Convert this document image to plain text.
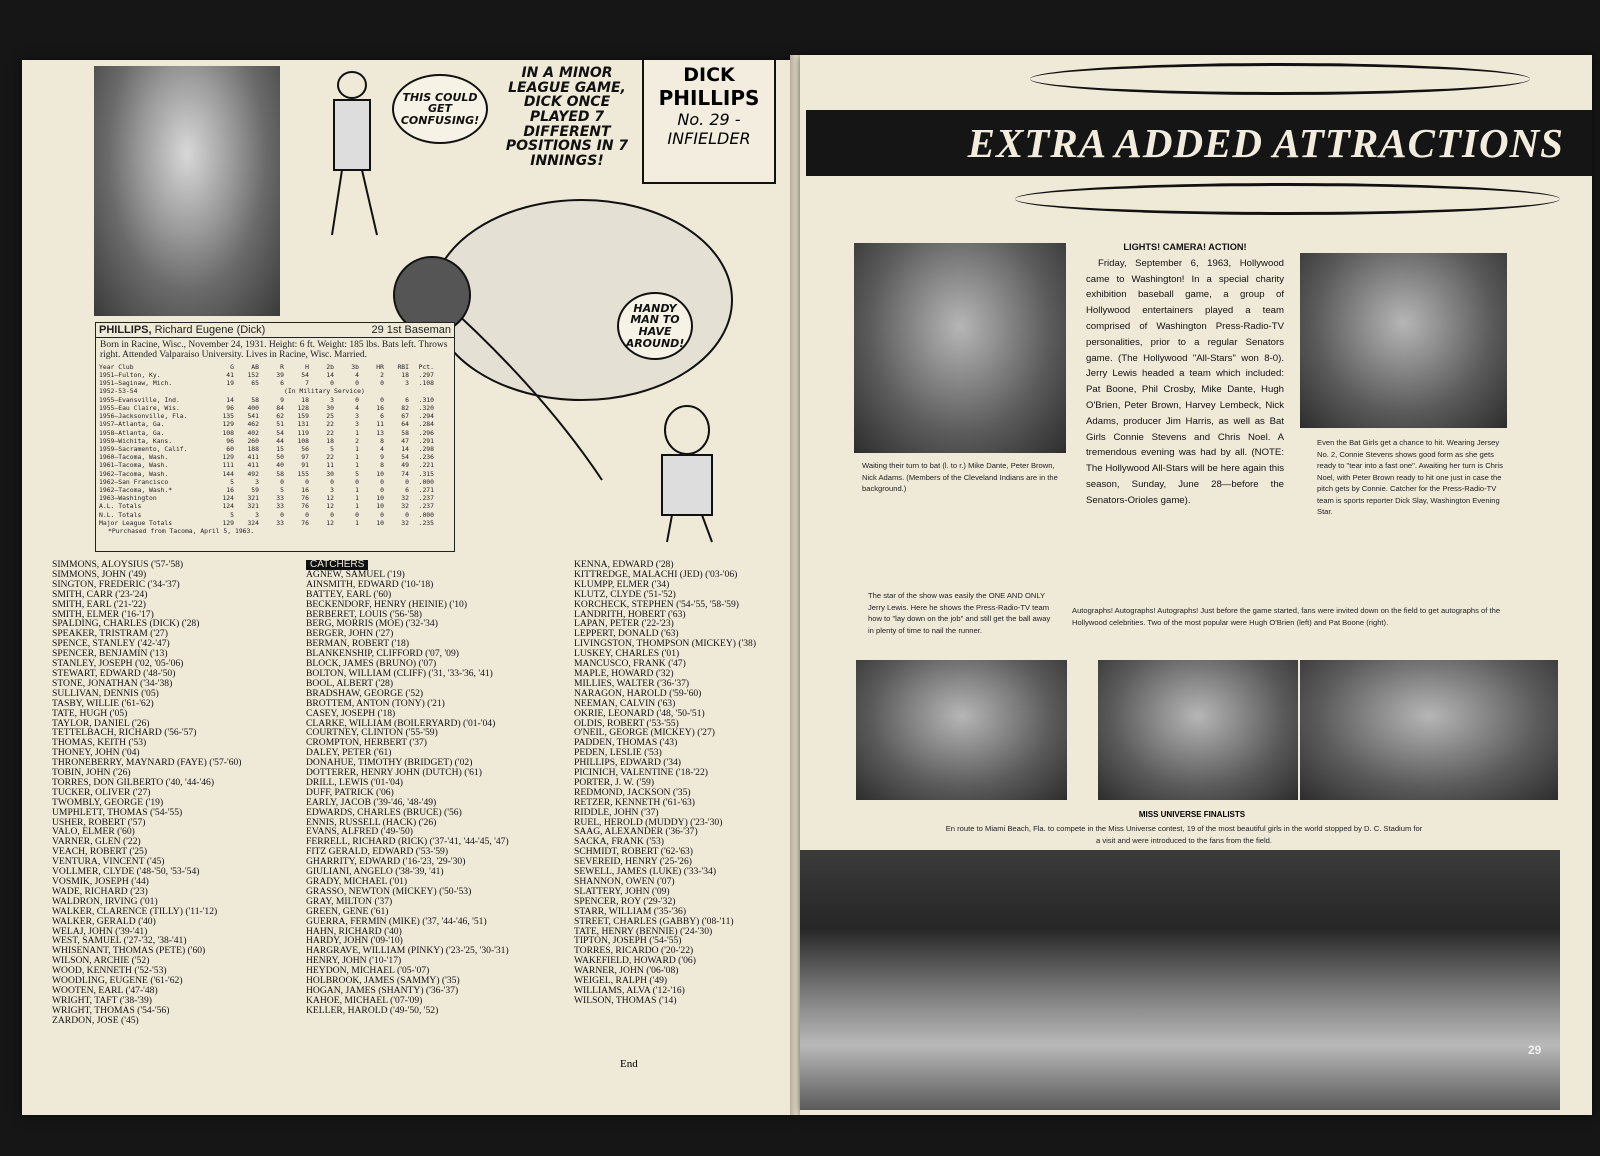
THIS COULD GET CONFUSING!
IN A MINOR LEAGUE GAME, DICK ONCE PLAYED 7 DIFFERENT POSITIONS IN 7 INNINGS!
DICK
PHILLIPS
No. 29 -
INFIELDER
HANDY MAN TO HAVE AROUND!
PHILLIPS, Richard Eugene (Dick)	29 1st Baseman
Born in Racine, Wisc., November 24, 1931. Height: 6 ft. Weight: 185 lbs. Bats left. Throws right. Attended Valparaiso University. Lives in Racine, Wisc. Married.
Year Club	G	AB	R	H	2b	3b	HR	RBI	Pct.
1951—Fulton, Ky.	41	152	39	54	14	4	2	18	.297
1951—Saginaw, Mich.	19	65	6	7	0	0	0	3	.108
1952-53-54	(In Military Service)
1955—Evansville, Ind.	14	58	9	18	3	0	0	6	.310
1955—Eau Claire, Wis.	96	400	84	128	30	4	16	82	.320
1956—Jacksonville, Fla.	135	541	62	159	25	3	6	67	.294
1957—Atlanta, Ga.	129	462	51	131	22	3	11	64	.284
1958—Atlanta, Ga.	108	402	54	119	22	1	13	58	.296
1959—Wichita, Kans.	96	260	44	108	18	2	8	47	.291
1959—Sacramento, Calif.	60	188	15	56	5	1	4	14	.298
1960—Tacoma, Wash.	129	411	50	97	22	1	9	54	.236
1961—Tacoma, Wash.	111	411	40	91	11	1	8	49	.221
1962—Tacoma, Wash.	144	492	58	155	30	5	10	74	.315
1962—San Francisco	5	3	0	0	0	0	0	0	.000
1962—Tacoma, Wash.*	16	59	5	16	3	1	0	6	.271
1963—Washington	124	321	33	76	12	1	10	32	.237
A.L. Totals	124	321	33	76	12	1	10	32	.237
N.L. Totals	5	3	0	0	0	0	0	0	.000
Major League Totals	129	324	33	76	12	1	10	32	.235
*Purchased from Tacoma, April 5, 1963.
SIMMONS, ALOYSIUS ('57-'58)
SIMMONS, JOHN ('49)
SINGTON, FREDERIC ('34-'37)
SMITH, CARR ('23-'24)
SMITH, EARL ('21-'22)
SMITH, ELMER ('16-'17)
SPALDING, CHARLES (DICK) ('28)
SPEAKER, TRISTRAM ('27)
SPENCE, STANLEY ('42-'47)
SPENCER, BENJAMIN ('13)
STANLEY, JOSEPH ('02, '05-'06)
STEWART, EDWARD ('48-'50)
STONE, JONATHAN ('34-'38)
SULLIVAN, DENNIS ('05)
TASBY, WILLIE ('61-'62)
TATE, HUGH ('05)
TAYLOR, DANIEL ('26)
TETTELBACH, RICHARD ('56-'57)
THOMAS, KEITH ('53)
THONEY, JOHN ('04)
THRONEBERRY, MAYNARD (FAYE) ('57-'60)
TOBIN, JOHN ('26)
TORRES, DON GILBERTO ('40, '44-'46)
TUCKER, OLIVER ('27)
TWOMBLY, GEORGE ('19)
UMPHLETT, THOMAS ('54-'55)
USHER, ROBERT ('57)
VALO, ELMER ('60)
VARNER, GLEN ('22)
VEACH, ROBERT ('25)
VENTURA, VINCENT ('45)
VOLLMER, CLYDE ('48-'50, '53-'54)
VOSMIK, JOSEPH ('44)
WADE, RICHARD ('23)
WALDRON, IRVING ('01)
WALKER, CLARENCE (TILLY) ('11-'12)
WALKER, GERALD ('40)
WELAJ, JOHN ('39-'41)
WEST, SAMUEL ('27-'32, '38-'41)
WHISENANT, THOMAS (PETE) ('60)
WILSON, ARCHIE ('52)
WOOD, KENNETH ('52-'53)
WOODLING, EUGENE ('61-'62)
WOOTEN, EARL ('47-'48)
WRIGHT, TAFT ('38-'39)
WRIGHT, THOMAS ('54-'56)
ZARDON, JOSE ('45)
CATCHERS
AGNEW, SAMUEL ('19)
AINSMITH, EDWARD ('10-'18)
BATTEY, EARL ('60)
BECKENDORF, HENRY (HEINIE) ('10)
BERBERET, LOUIS ('56-'58)
BERG, MORRIS (MOE) ('32-'34)
BERGER, JOHN ('27)
BERMAN, ROBERT ('18)
BLANKENSHIP, CLIFFORD ('07, '09)
BLOCK, JAMES (BRUNO) ('07)
BOLTON, WILLIAM (CLIFF) ('31, '33-'36, '41)
BOOL, ALBERT ('28)
BRADSHAW, GEORGE ('52)
BROTTEM, ANTON (TONY) ('21)
CASEY, JOSEPH ('18)
CLARKE, WILLIAM (BOILERYARD) ('01-'04)
COURTNEY, CLINTON ('55-'59)
CROMPTON, HERBERT ('37)
DALEY, PETER ('61)
DONAHUE, TIMOTHY (BRIDGET) ('02)
DOTTERER, HENRY JOHN (DUTCH) ('61)
DRILL, LEWIS ('01-'04)
DUFF, PATRICK ('06)
EARLY, JACOB ('39-'46, '48-'49)
EDWARDS, CHARLES (BRUCE) ('56)
ENNIS, RUSSELL (HACK) ('26)
EVANS, ALFRED ('49-'50)
FERRELL, RICHARD (RICK) ('37-'41, '44-'45, '47)
FITZ GERALD, EDWARD ('53-'59)
GHARRITY, EDWARD ('16-'23, '29-'30)
GIULIANI, ANGELO ('38-'39, '41)
GRADY, MICHAEL ('01)
GRASSO, NEWTON (MICKEY) ('50-'53)
GRAY, MILTON ('37)
GREEN, GENE ('61)
GUERRA, FERMIN (MIKE) ('37, '44-'46, '51)
HAHN, RICHARD ('40)
HARDY, JOHN ('09-'10)
HARGRAVE, WILLIAM (PINKY) ('23-'25, '30-'31)
HENRY, JOHN ('10-'17)
HEYDON, MICHAEL ('05-'07)
HOLBROOK, JAMES (SAMMY) ('35)
HOGAN, JAMES (SHANTY) ('36-'37)
KAHOE, MICHAEL ('07-'09)
KELLER, HAROLD ('49-'50, '52)
KENNA, EDWARD ('28)
KITTREDGE, MALACHI (JED) ('03-'06)
KLUMPP, ELMER ('34)
KLUTZ, CLYDE ('51-'52)
KORCHECK, STEPHEN ('54-'55, '58-'59)
LANDRITH, HOBERT ('63)
LAPAN, PETER ('22-'23)
LEPPERT, DONALD ('63)
LIVINGSTON, THOMPSON (MICKEY) ('38)
LUSKEY, CHARLES ('01)
MANCUSCO, FRANK ('47)
MAPLE, HOWARD ('32)
MILLIES, WALTER ('36-'37)
NARAGON, HAROLD ('59-'60)
NEEMAN, CALVIN ('63)
OKRIE, LEONARD ('48, '50-'51)
OLDIS, ROBERT ('53-'55)
O'NEIL, GEORGE (MICKEY) ('27)
PADDEN, THOMAS ('43)
PEDEN, LESLIE ('53)
PHILLIPS, EDWARD ('34)
PICINICH, VALENTINE ('18-'22)
PORTER, J. W. ('59)
REDMOND, JACKSON ('35)
RETZER, KENNETH ('61-'63)
RIDDLE, JOHN ('37)
RUEL, HEROLD (MUDDY) ('23-'30)
SAAG, ALEXANDER ('36-'37)
SACKA, FRANK ('53)
SCHMIDT, ROBERT ('62-'63)
SEVEREID, HENRY ('25-'26)
SEWELL, JAMES (LUKE) ('33-'34)
SHANNON, OWEN ('07)
SLATTERY, JOHN ('09)
SPENCER, ROY ('29-'32)
STARR, WILLIAM ('35-'36)
STREET, CHARLES (GABBY) ('08-'11)
TATE, HENRY (BENNIE) ('24-'30)
TIPTON, JOSEPH ('54-'55)
TORRES, RICARDO ('20-'22)
WAKEFIELD, HOWARD ('06)
WARNER, JOHN ('06-'08)
WEIGEL, RALPH ('49)
WILLIAMS, ALVA ('12-'16)
WILSON, THOMAS ('14)
End
EXTRA ADDED ATTRACTIONS
Waiting their turn to bat (l. to r.) Mike Dante, Peter Brown, Nick Adams. (Members of the Cleveland Indians are in the background.)
LIGHTS! CAMERA! ACTION!
Friday, September 6, 1963, Hollywood came to Washington! In a special charity exhibition baseball game, a group of Hollywood entertainers played a team comprised of Washington Press-Radio-TV personalities, prior to a regular Senators game. (The Hollywood "All-Stars" won 8-0). Jerry Lewis headed a team which included: Pat Boone, Phil Crosby, Mike Dante, Hugh O'Brien, Peter Brown, Harvey Lembeck, Nick Adams, producer Jim Harris, as well as Bat Girls Connie Stevens and Chris Noel. A tremendous evening was had by all. (NOTE: The Hollywood All-Stars will be here again this season, Sunday, June 28—before the Senators-Orioles game).
Even the Bat Girls get a chance to hit. Wearing Jersey No. 2, Connie Stevens shows good form as she gets ready to "tear into a fast one". Awaiting her turn is Chris Noel, with Peter Brown ready to hit one just in case the pitch gets by Connie. Catcher for the Press-Radio-TV team is sports reporter Dick Slay, Washington Evening Star.
The star of the show was easily the ONE AND ONLY Jerry Lewis. Here he shows the Press-Radio-TV team how to "lay down on the job" and still get the ball away in plenty of time to nail the runner.
Autographs! Autographs! Autographs! Just before the game started, fans were invited down on the field to get autographs of the Hollywood celebrities. Two of the most popular were Hugh O'Brien (left) and Pat Boone (right).
MISS UNIVERSE FINALISTS
En route to Miami Beach, Fla. to compete in the Miss Universe contest, 19 of the most beautiful girls in the world stopped by D. C. Stadium for a visit and were introduced to the fans from the field.
29
